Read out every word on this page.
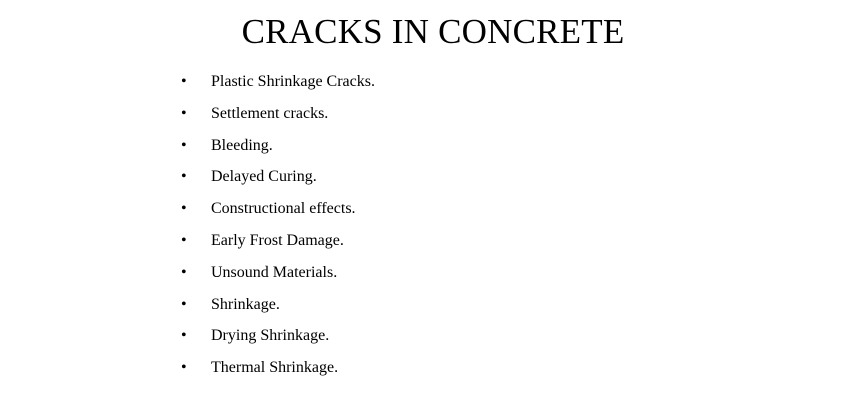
CRACKS IN CONCRETE
•	Plastic Shrinkage Cracks.
•	Settlement cracks.
•	Bleeding.
•	Delayed Curing.
•	Constructional effects.
•	Early Frost Damage.
•	Unsound Materials.
•	Shrinkage.
•	Drying Shrinkage.
•	Thermal Shrinkage.
